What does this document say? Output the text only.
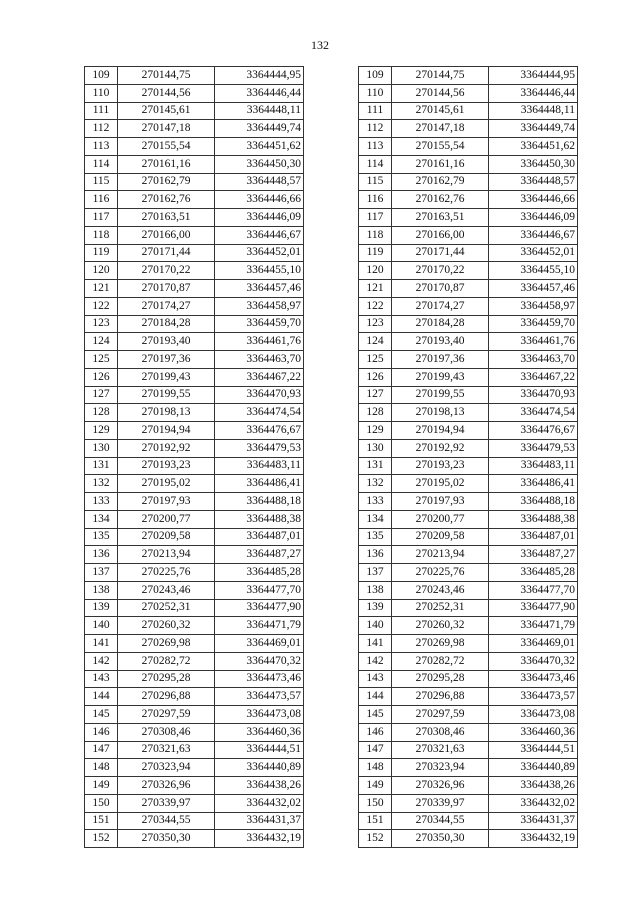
132
109	270144,75	3364444,95
110	270144,56	3364446,44
111	270145,61	3364448,11
112	270147,18	3364449,74
113	270155,54	3364451,62
114	270161,16	3364450,30
115	270162,79	3364448,57
116	270162,76	3364446,66
117	270163,51	3364446,09
118	270166,00	3364446,67
119	270171,44	3364452,01
120	270170,22	3364455,10
121	270170,87	3364457,46
122	270174,27	3364458,97
123	270184,28	3364459,70
124	270193,40	3364461,76
125	270197,36	3364463,70
126	270199,43	3364467,22
127	270199,55	3364470,93
128	270198,13	3364474,54
129	270194,94	3364476,67
130	270192,92	3364479,53
131	270193,23	3364483,11
132	270195,02	3364486,41
133	270197,93	3364488,18
134	270200,77	3364488,38
135	270209,58	3364487,01
136	270213,94	3364487,27
137	270225,76	3364485,28
138	270243,46	3364477,70
139	270252,31	3364477,90
140	270260,32	3364471,79
141	270269,98	3364469,01
142	270282,72	3364470,32
143	270295,28	3364473,46
144	270296,88	3364473,57
145	270297,59	3364473,08
146	270308,46	3364460,36
147	270321,63	3364444,51
148	270323,94	3364440,89
149	270326,96	3364438,26
150	270339,97	3364432,02
151	270344,55	3364431,37
152	270350,30	3364432,19
109	270144,75	3364444,95
110	270144,56	3364446,44
111	270145,61	3364448,11
112	270147,18	3364449,74
113	270155,54	3364451,62
114	270161,16	3364450,30
115	270162,79	3364448,57
116	270162,76	3364446,66
117	270163,51	3364446,09
118	270166,00	3364446,67
119	270171,44	3364452,01
120	270170,22	3364455,10
121	270170,87	3364457,46
122	270174,27	3364458,97
123	270184,28	3364459,70
124	270193,40	3364461,76
125	270197,36	3364463,70
126	270199,43	3364467,22
127	270199,55	3364470,93
128	270198,13	3364474,54
129	270194,94	3364476,67
130	270192,92	3364479,53
131	270193,23	3364483,11
132	270195,02	3364486,41
133	270197,93	3364488,18
134	270200,77	3364488,38
135	270209,58	3364487,01
136	270213,94	3364487,27
137	270225,76	3364485,28
138	270243,46	3364477,70
139	270252,31	3364477,90
140	270260,32	3364471,79
141	270269,98	3364469,01
142	270282,72	3364470,32
143	270295,28	3364473,46
144	270296,88	3364473,57
145	270297,59	3364473,08
146	270308,46	3364460,36
147	270321,63	3364444,51
148	270323,94	3364440,89
149	270326,96	3364438,26
150	270339,97	3364432,02
151	270344,55	3364431,37
152	270350,30	3364432,19
